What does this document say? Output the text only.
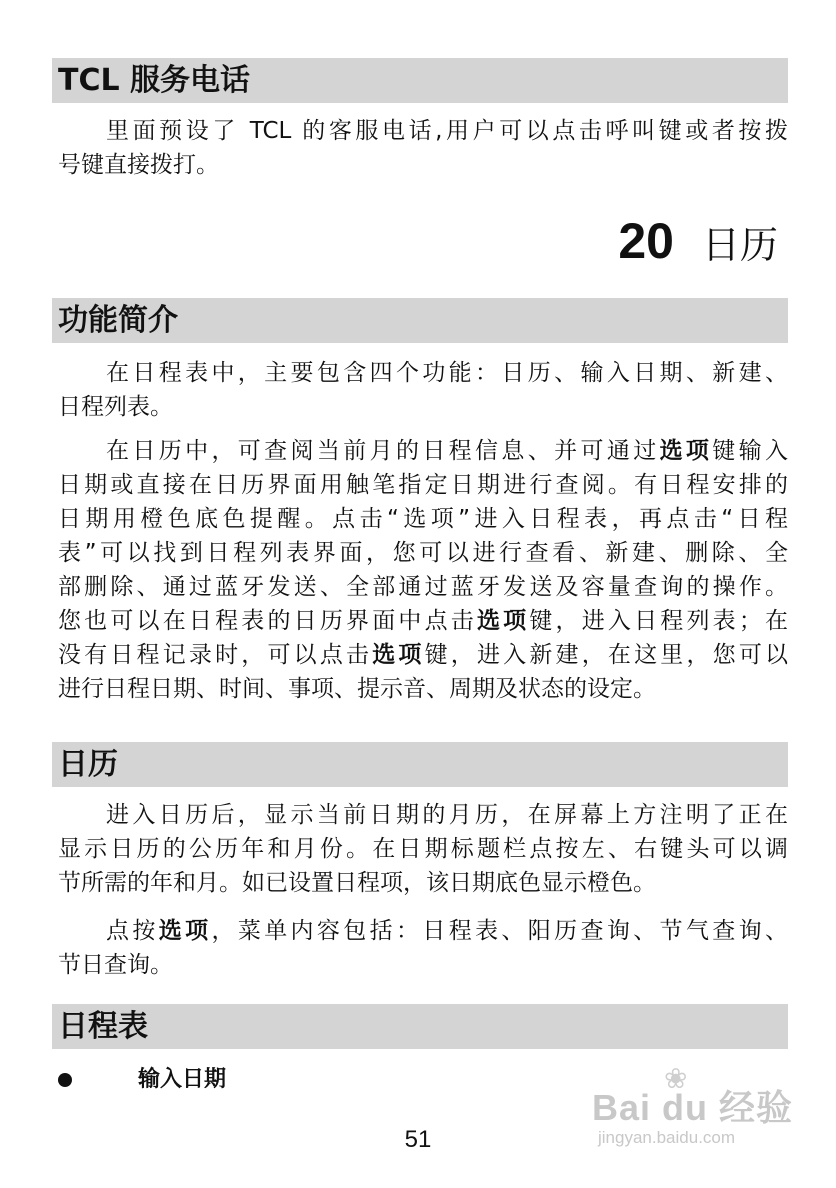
TCL 服务电话
里面预设了 TCL 的客服电话,用户可以点击呼叫键或者按拨
号键直接拨打。
20 日历
功能简介
在日程表中，主要包含四个功能：日历、输入日期、新建、
日程列表。
在日历中，可查阅当前月的日程信息、并可通过选项键输入
日期或直接在日历界面用触笔指定日期进行查阅。有日程安排的
日期用橙色底色提醒。点击“选项”进入日程表，再点击“日程
表”可以找到日程列表界面，您可以进行查看、新建、删除、全
部删除、通过蓝牙发送、全部通过蓝牙发送及容量查询的操作。
您也可以在日程表的日历界面中点击选项键，进入日程列表；在
没有日程记录时，可以点击选项键，进入新建，在这里，您可以
进行日程日期、时间、事项、提示音、周期及状态的设定。
日历
进入日历后，显示当前日期的月历，在屏幕上方注明了正在
显示日历的公历年和月份。在日期标题栏点按左、右键头可以调
节所需的年和月。如已设置日程项，该日期底色显示橙色。
点按选项，菜单内容包括：日程表、阳历查询、节气查询、
节日查询。
日程表
输入日期	❀
Bai du 经验
jingyan.baidu.com
51
